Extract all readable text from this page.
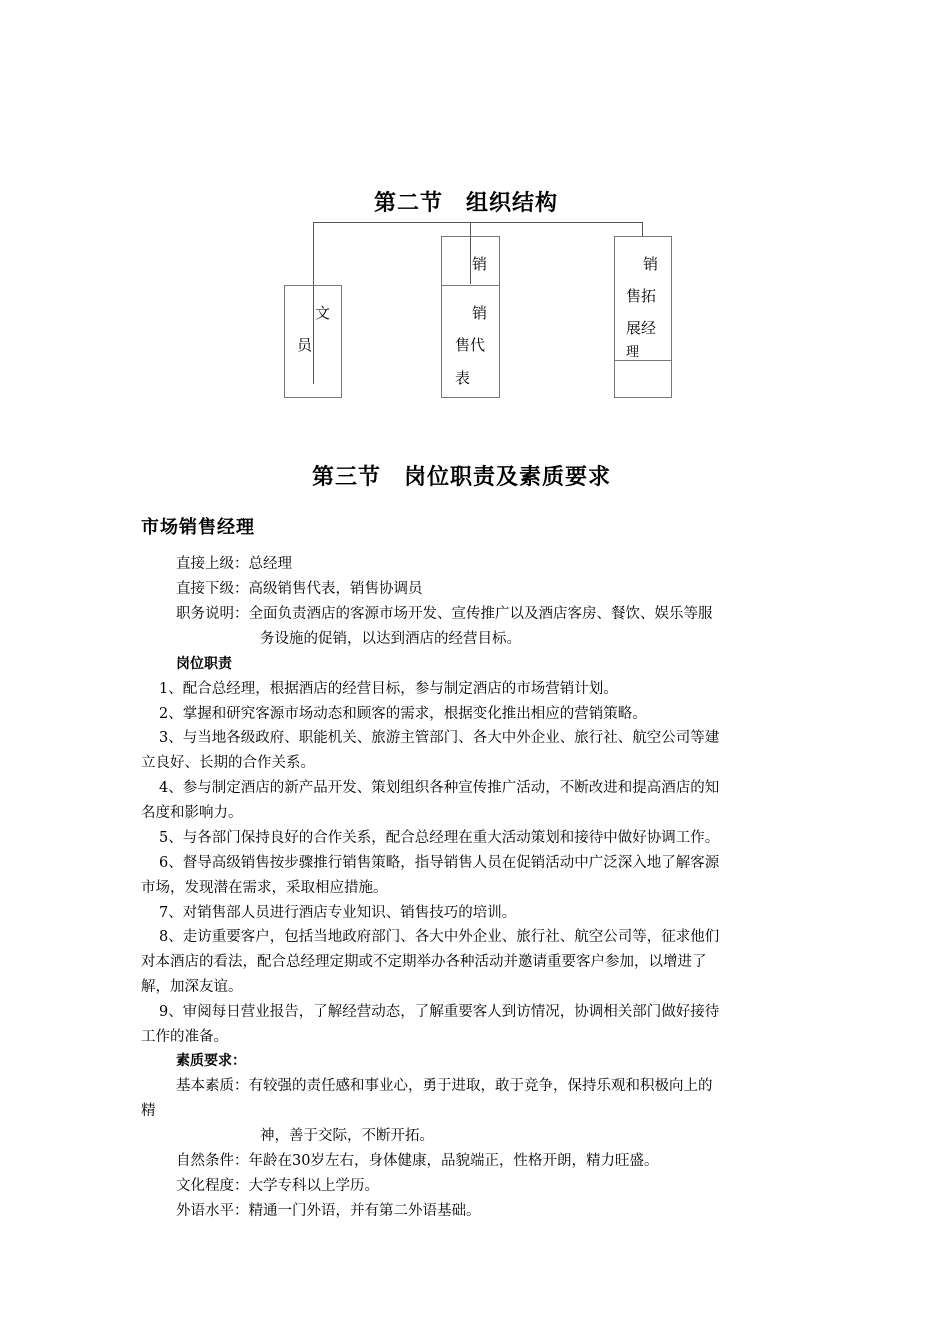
第二节　组织结构
文
员
销
销
售代
表
销
售拓
展经
理
第三节　岗位职责及素质要求
市场销售经理
直接上级：总经理
直接下级：高级销售代表，销售协调员
职务说明：全面负责酒店的客源市场开发、宣传推广以及酒店客房、餐饮、娱乐等服
务设施的促销，以达到酒店的经营目标。
岗位职责
1、配合总经理，根据酒店的经营目标，参与制定酒店的市场营销计划。
2、掌握和研究客源市场动态和顾客的需求，根据变化推出相应的营销策略。
3、与当地各级政府、职能机关、旅游主管部门、各大中外企业、旅行社、航空公司等建
立良好、长期的合作关系。
4、参与制定酒店的新产品开发、策划组织各种宣传推广活动，不断改进和提高酒店的知
名度和影响力。
5、与各部门保持良好的合作关系，配合总经理在重大活动策划和接待中做好协调工作。
6、督导高级销售按步骤推行销售策略，指导销售人员在促销活动中广泛深入地了解客源
市场，发现潜在需求，采取相应措施。
7、对销售部人员进行酒店专业知识、销售技巧的培训。
8、走访重要客户，包括当地政府部门、各大中外企业、旅行社、航空公司等，征求他们
对本酒店的看法，配合总经理定期或不定期举办各种活动并邀请重要客户参加，以增进了
解，加深友谊。
9、审阅每日营业报告，了解经营动态，了解重要客人到访情况，协调相关部门做好接待
工作的准备。
素质要求：
基本素质：有较强的责任感和事业心，勇于进取，敢于竞争，保持乐观和积极向上的
精
神，善于交际，不断开拓。
自然条件：年龄在30岁左右，身体健康，品貌端正，性格开朗，精力旺盛。
文化程度：大学专科以上学历。
外语水平：精通一门外语，并有第二外语基础。
